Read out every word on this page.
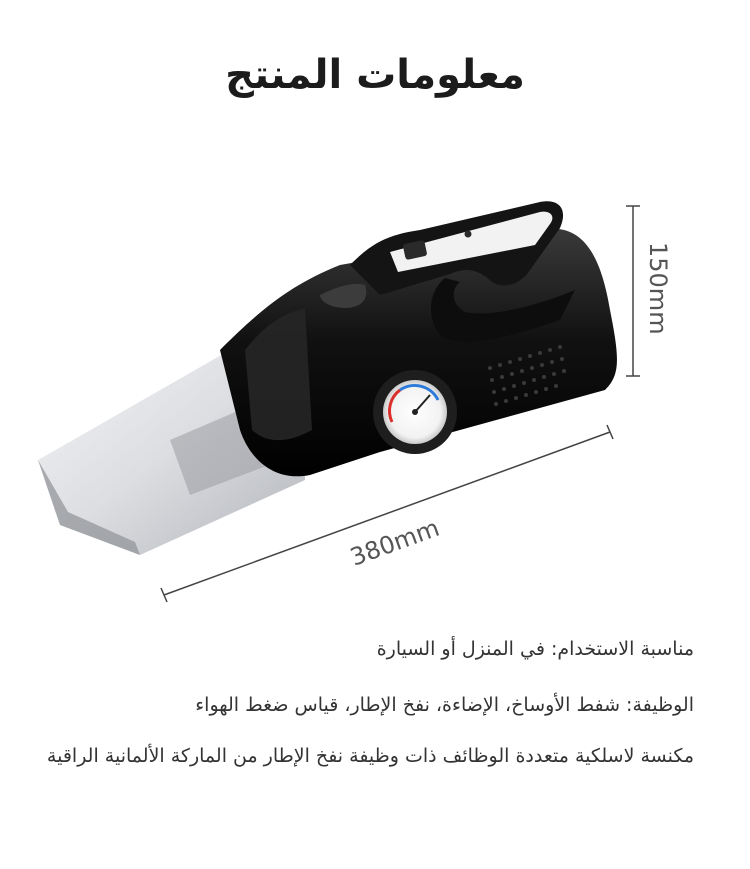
معلومات المنتج
150mm
380mm

مناسبة الاستخدام: في المنزل أو السيارة

الوظيفة: شفط الأوساخ، الإضاءة، نفخ الإطار، قياس ضغط الهواء

مكنسة لاسلكية متعددة الوظائف ذات وظيفة نفخ الإطار من الماركة الألمانية الراقية
